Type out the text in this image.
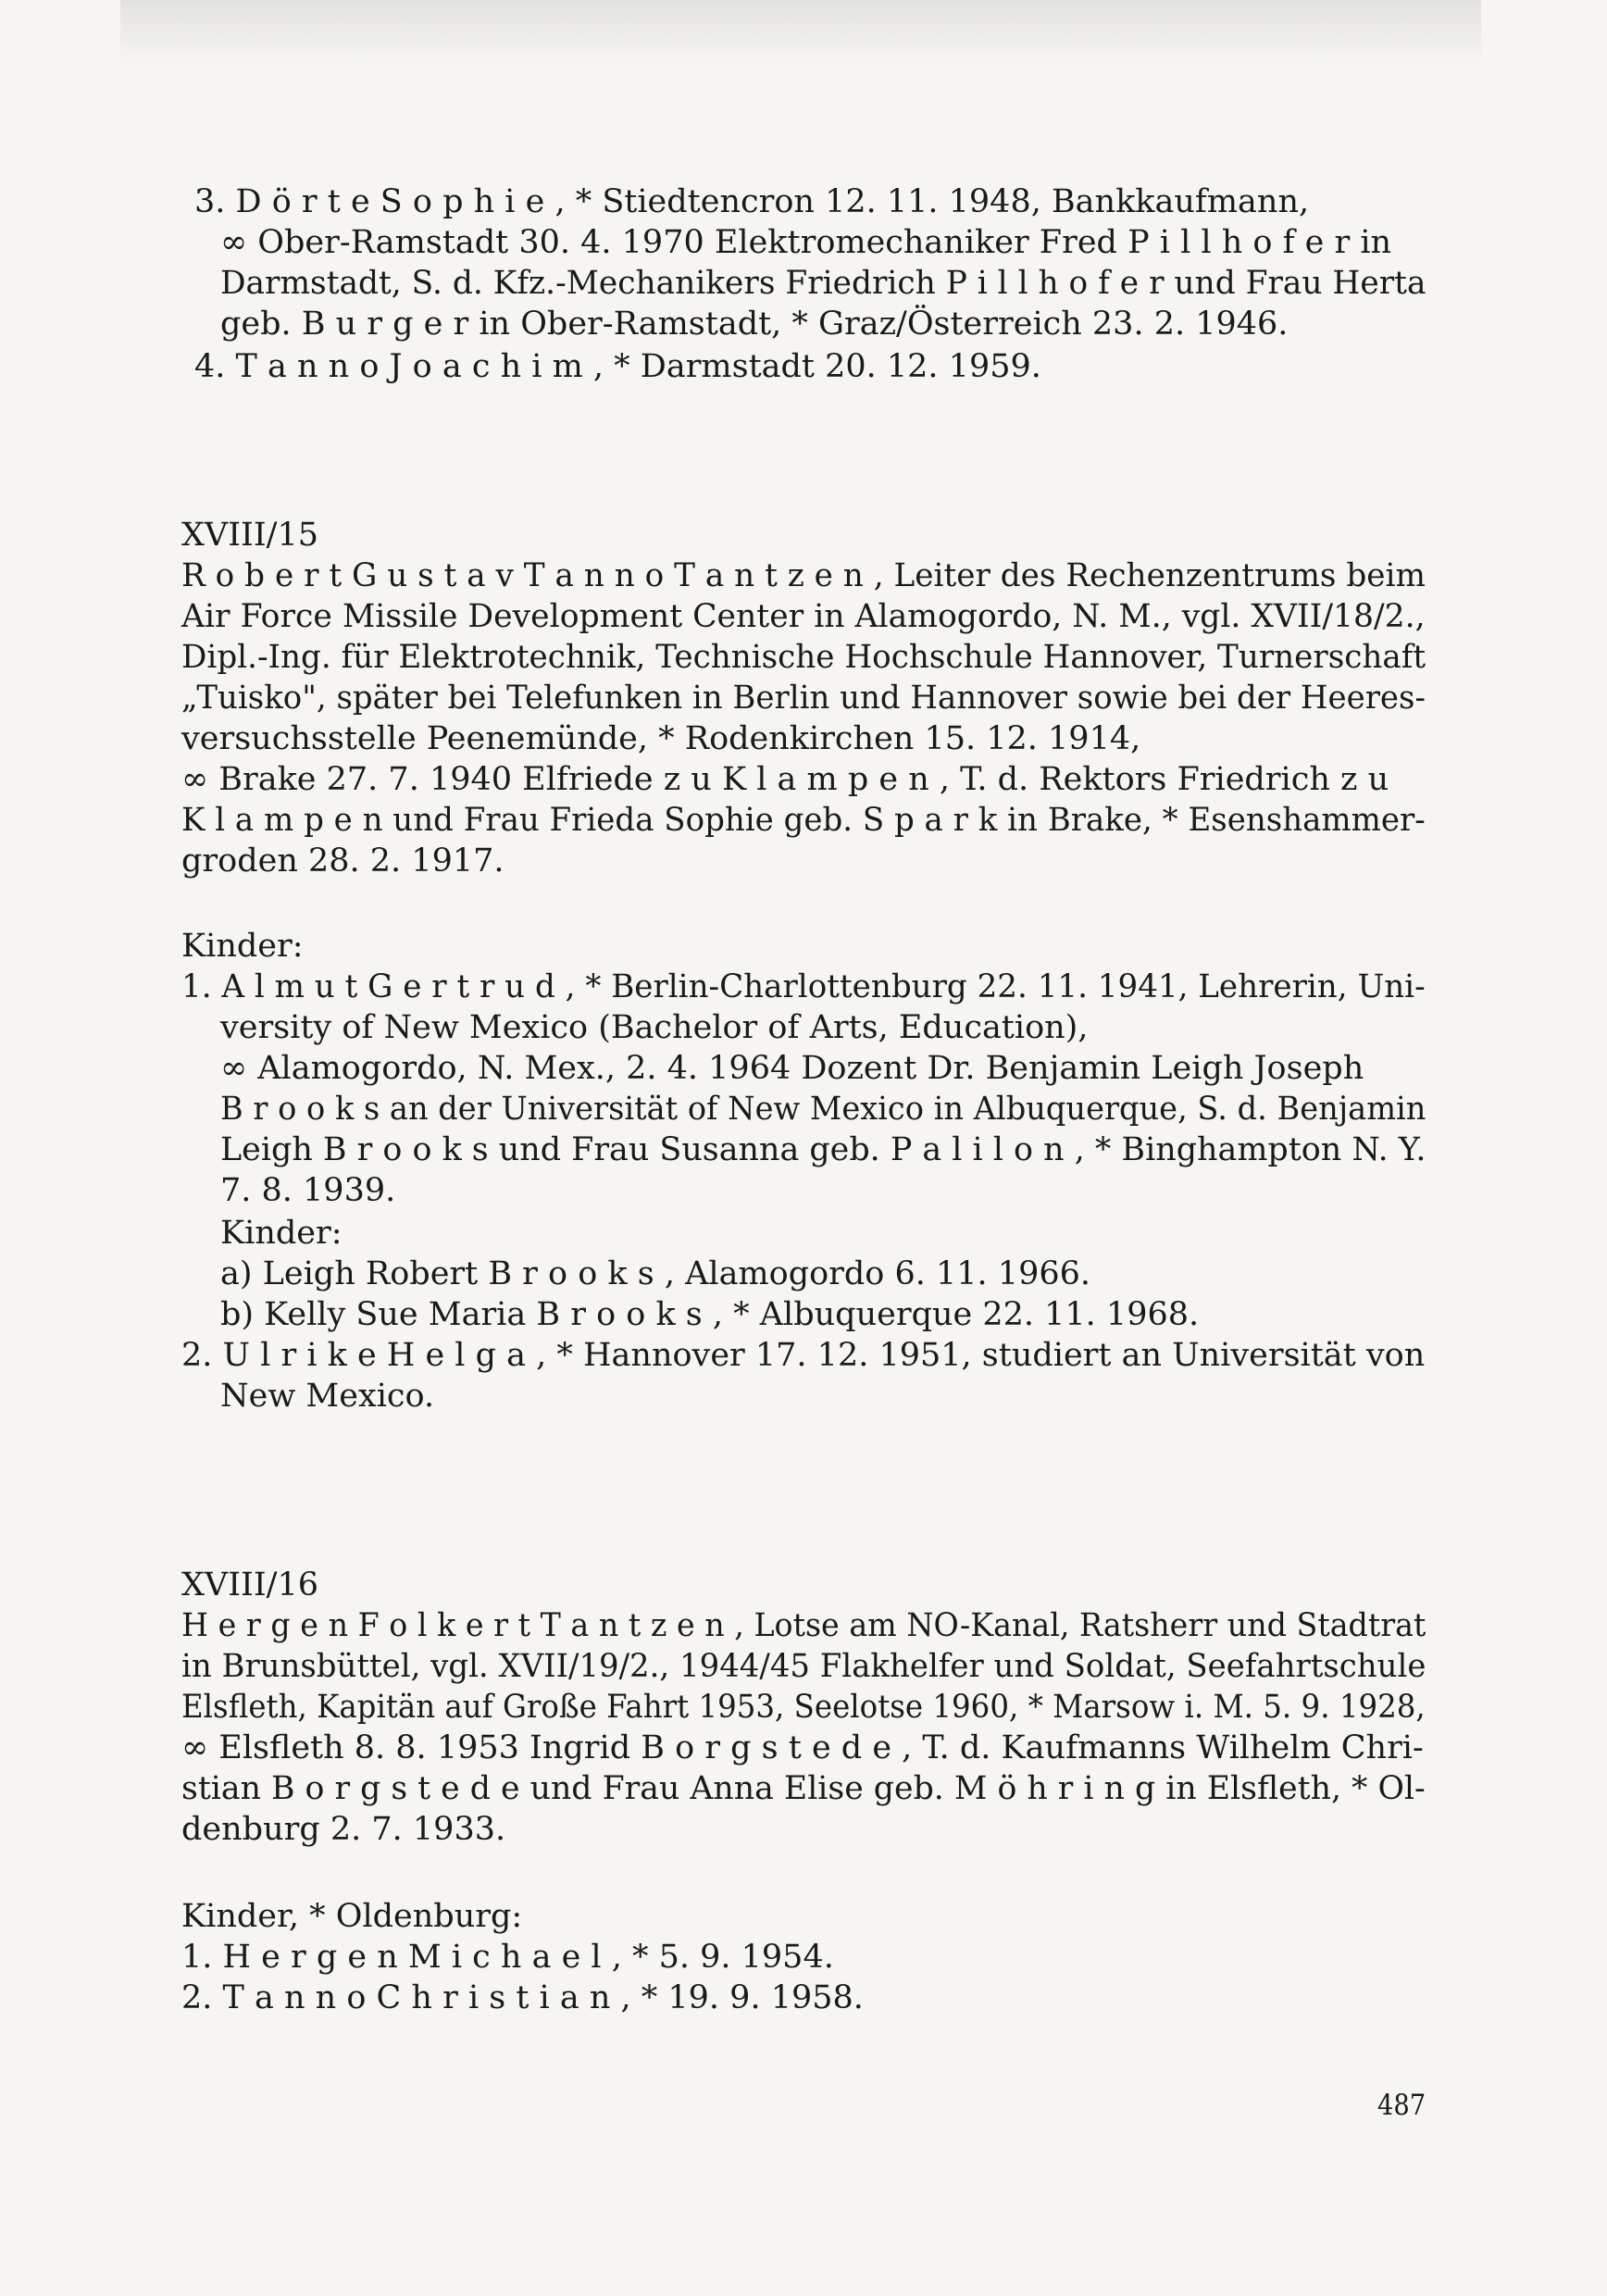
3. D ö r t e S o p h i e , * Stiedtencron 12. 11. 1948, Bankkaufmann,
∞ Ober-Ramstadt 30. 4. 1970 Elektromechaniker Fred P i l l h o f e r in
Darmstadt, S. d. Kfz.-Mechanikers Friedrich P i l l h o f e r und Frau Herta
geb. B u r g e r in Ober-Ramstadt, * Graz/Österreich 23. 2. 1946.
4. T a n n o J o a c h i m , * Darmstadt 20. 12. 1959.
XVIII/15
R o b e r t G u s t a v T a n n o T a n t z e n , Leiter des Rechenzentrums beim
Air Force Missile Development Center in Alamogordo, N. M., vgl. XVII/18/2.,
Dipl.-Ing. für Elektrotechnik, Technische Hochschule Hannover, Turnerschaft
„Tuisko", später bei Telefunken in Berlin und Hannover sowie bei der Heeres-
versuchsstelle Peenemünde, * Rodenkirchen 15. 12. 1914,
∞ Brake 27. 7. 1940 Elfriede z u K l a m p e n , T. d. Rektors Friedrich z u
K l a m p e n und Frau Frieda Sophie geb. S p a r k in Brake, * Esenshammer-
groden 28. 2. 1917.
Kinder:
1. A l m u t G e r t r u d , * Berlin-Charlottenburg 22. 11. 1941, Lehrerin, Uni-
versity of New Mexico (Bachelor of Arts, Education),
∞ Alamogordo, N. Mex., 2. 4. 1964 Dozent Dr. Benjamin Leigh Joseph
B r o o k s an der Universität of New Mexico in Albuquerque, S. d. Benjamin
Leigh B r o o k s und Frau Susanna geb. P a l i l o n , * Binghampton N. Y.
7. 8. 1939.
Kinder:
a) Leigh Robert B r o o k s , Alamogordo 6. 11. 1966.
b) Kelly Sue Maria B r o o k s , * Albuquerque 22. 11. 1968.
2. U l r i k e H e l g a , * Hannover 17. 12. 1951, studiert an Universität von
New Mexico.
XVIII/16
H e r g e n F o l k e r t T a n t z e n , Lotse am NO-Kanal, Ratsherr und Stadtrat
in Brunsbüttel, vgl. XVII/19/2., 1944/45 Flakhelfer und Soldat, Seefahrtschule
Elsfleth, Kapitän auf Große Fahrt 1953, Seelotse 1960, * Marsow i. M. 5. 9. 1928,
∞ Elsfleth 8. 8. 1953 Ingrid B o r g s t e d e , T. d. Kaufmanns Wilhelm Chri-
stian B o r g s t e d e und Frau Anna Elise geb. M ö h r i n g in Elsfleth, * Ol-
denburg 2. 7. 1933.
Kinder, * Oldenburg:
1. H e r g e n M i c h a e l , * 5. 9. 1954.
2. T a n n o C h r i s t i a n , * 19. 9. 1958.
487
